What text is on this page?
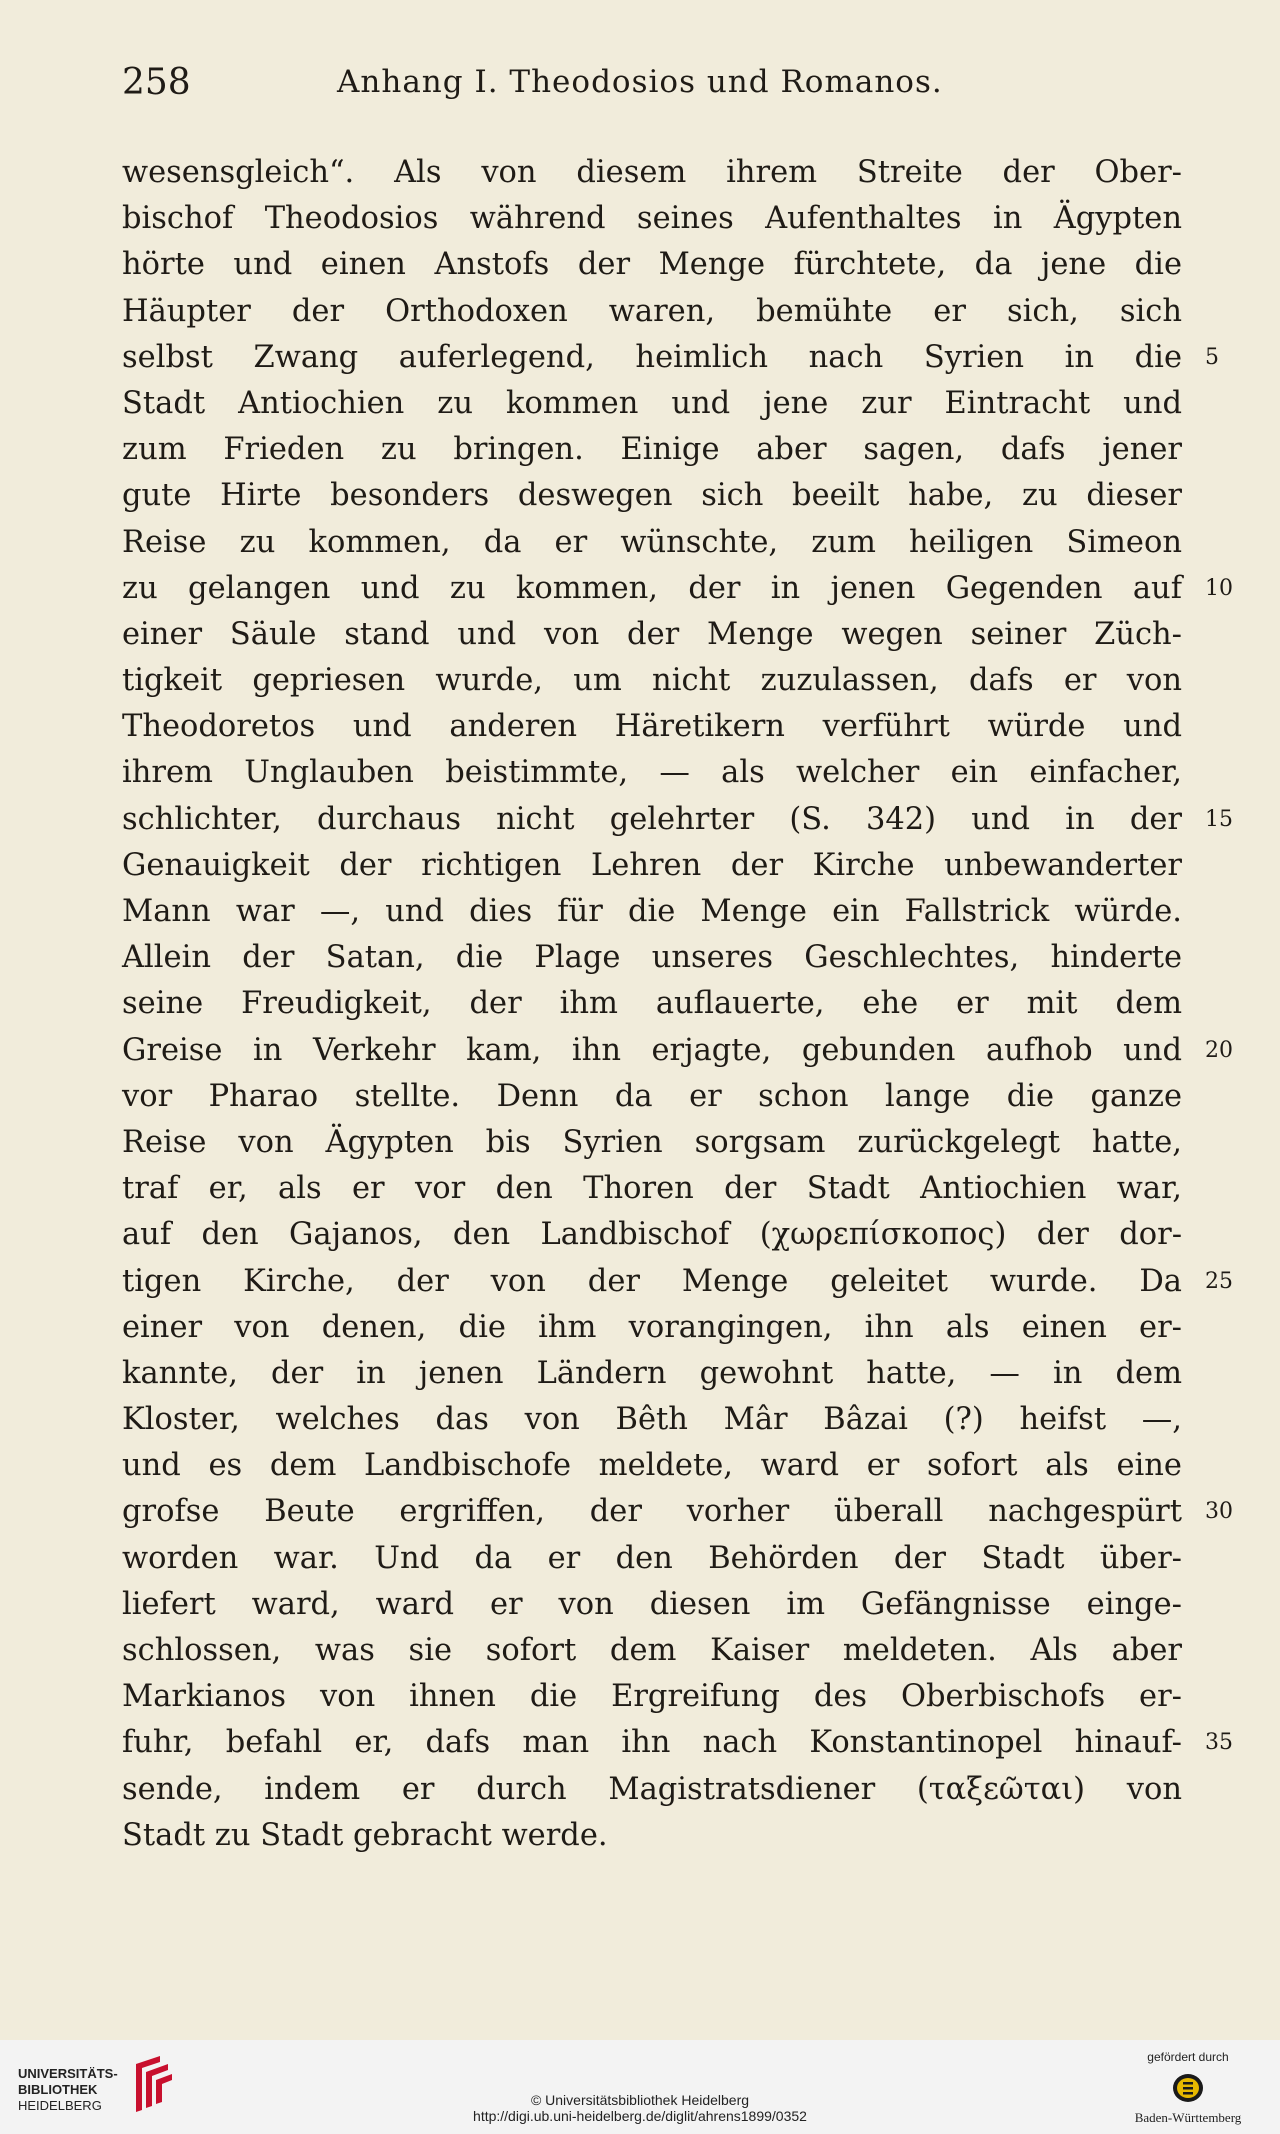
258	Anhang I. Theodosios und Romanos.
wesensgleich“. Als von diesem ihrem Streite der Ober-
bischof Theodosios während seines Aufenthaltes in Ägypten
hörte und einen Anstofs der Menge fürchtete, da jene die
Häupter der Orthodoxen waren, bemühte er sich, sich
selbst Zwang auferlegend, heimlich nach Syrien in die 5
Stadt Antiochien zu kommen und jene zur Eintracht und
zum Frieden zu bringen. Einige aber sagen, dafs jener
gute Hirte besonders deswegen sich beeilt habe, zu dieser
Reise zu kommen, da er wünschte, zum heiligen Simeon
zu gelangen und zu kommen, der in jenen Gegenden auf 10
einer Säule stand und von der Menge wegen seiner Züch-
tigkeit gepriesen wurde, um nicht zuzulassen, dafs er von
Theodoretos und anderen Häretikern verführt würde und
ihrem Unglauben beistimmte, — als welcher ein einfacher,
schlichter, durchaus nicht gelehrter (S. 342) und in der 15
Genauigkeit der richtigen Lehren der Kirche unbewanderter
Mann war —, und dies für die Menge ein Fallstrick würde.
Allein der Satan, die Plage unseres Geschlechtes, hinderte
seine Freudigkeit, der ihm auflauerte, ehe er mit dem
Greise in Verkehr kam, ihn erjagte, gebunden aufhob und 20
vor Pharao stellte. Denn da er schon lange die ganze
Reise von Ägypten bis Syrien sorgsam zurückgelegt hatte,
traf er, als er vor den Thoren der Stadt Antiochien war,
auf den Gajanos, den Landbischof (χωρεπίσκοπος) der dor-
tigen Kirche, der von der Menge geleitet wurde. Da 25
einer von denen, die ihm vorangingen, ihn als einen er-
kannte, der in jenen Ländern gewohnt hatte, — in dem
Kloster, welches das von Bêth Mâr Bâzai (?) heifst —,
und es dem Landbischofe meldete, ward er sofort als eine
grofse Beute ergriffen, der vorher überall nachgespürt 30
worden war. Und da er den Behörden der Stadt über-
liefert ward, ward er von diesen im Gefängnisse einge-
schlossen, was sie sofort dem Kaiser meldeten. Als aber
Markianos von ihnen die Ergreifung des Oberbischofs er-
fuhr, befahl er, dafs man ihn nach Konstantinopel hinauf- 35
sende, indem er durch Magistratsdiener (ταξεῶται) von
Stadt zu Stadt gebracht werde.
UNIVERSITÄTS-
BIBLIOTHEK
HEIDELBERG	© Universitätsbibliothek Heidelberg
http://digi.ub.uni-heidelberg.de/diglit/ahrens1899/0352
gefördert durch
Baden-Württemberg
